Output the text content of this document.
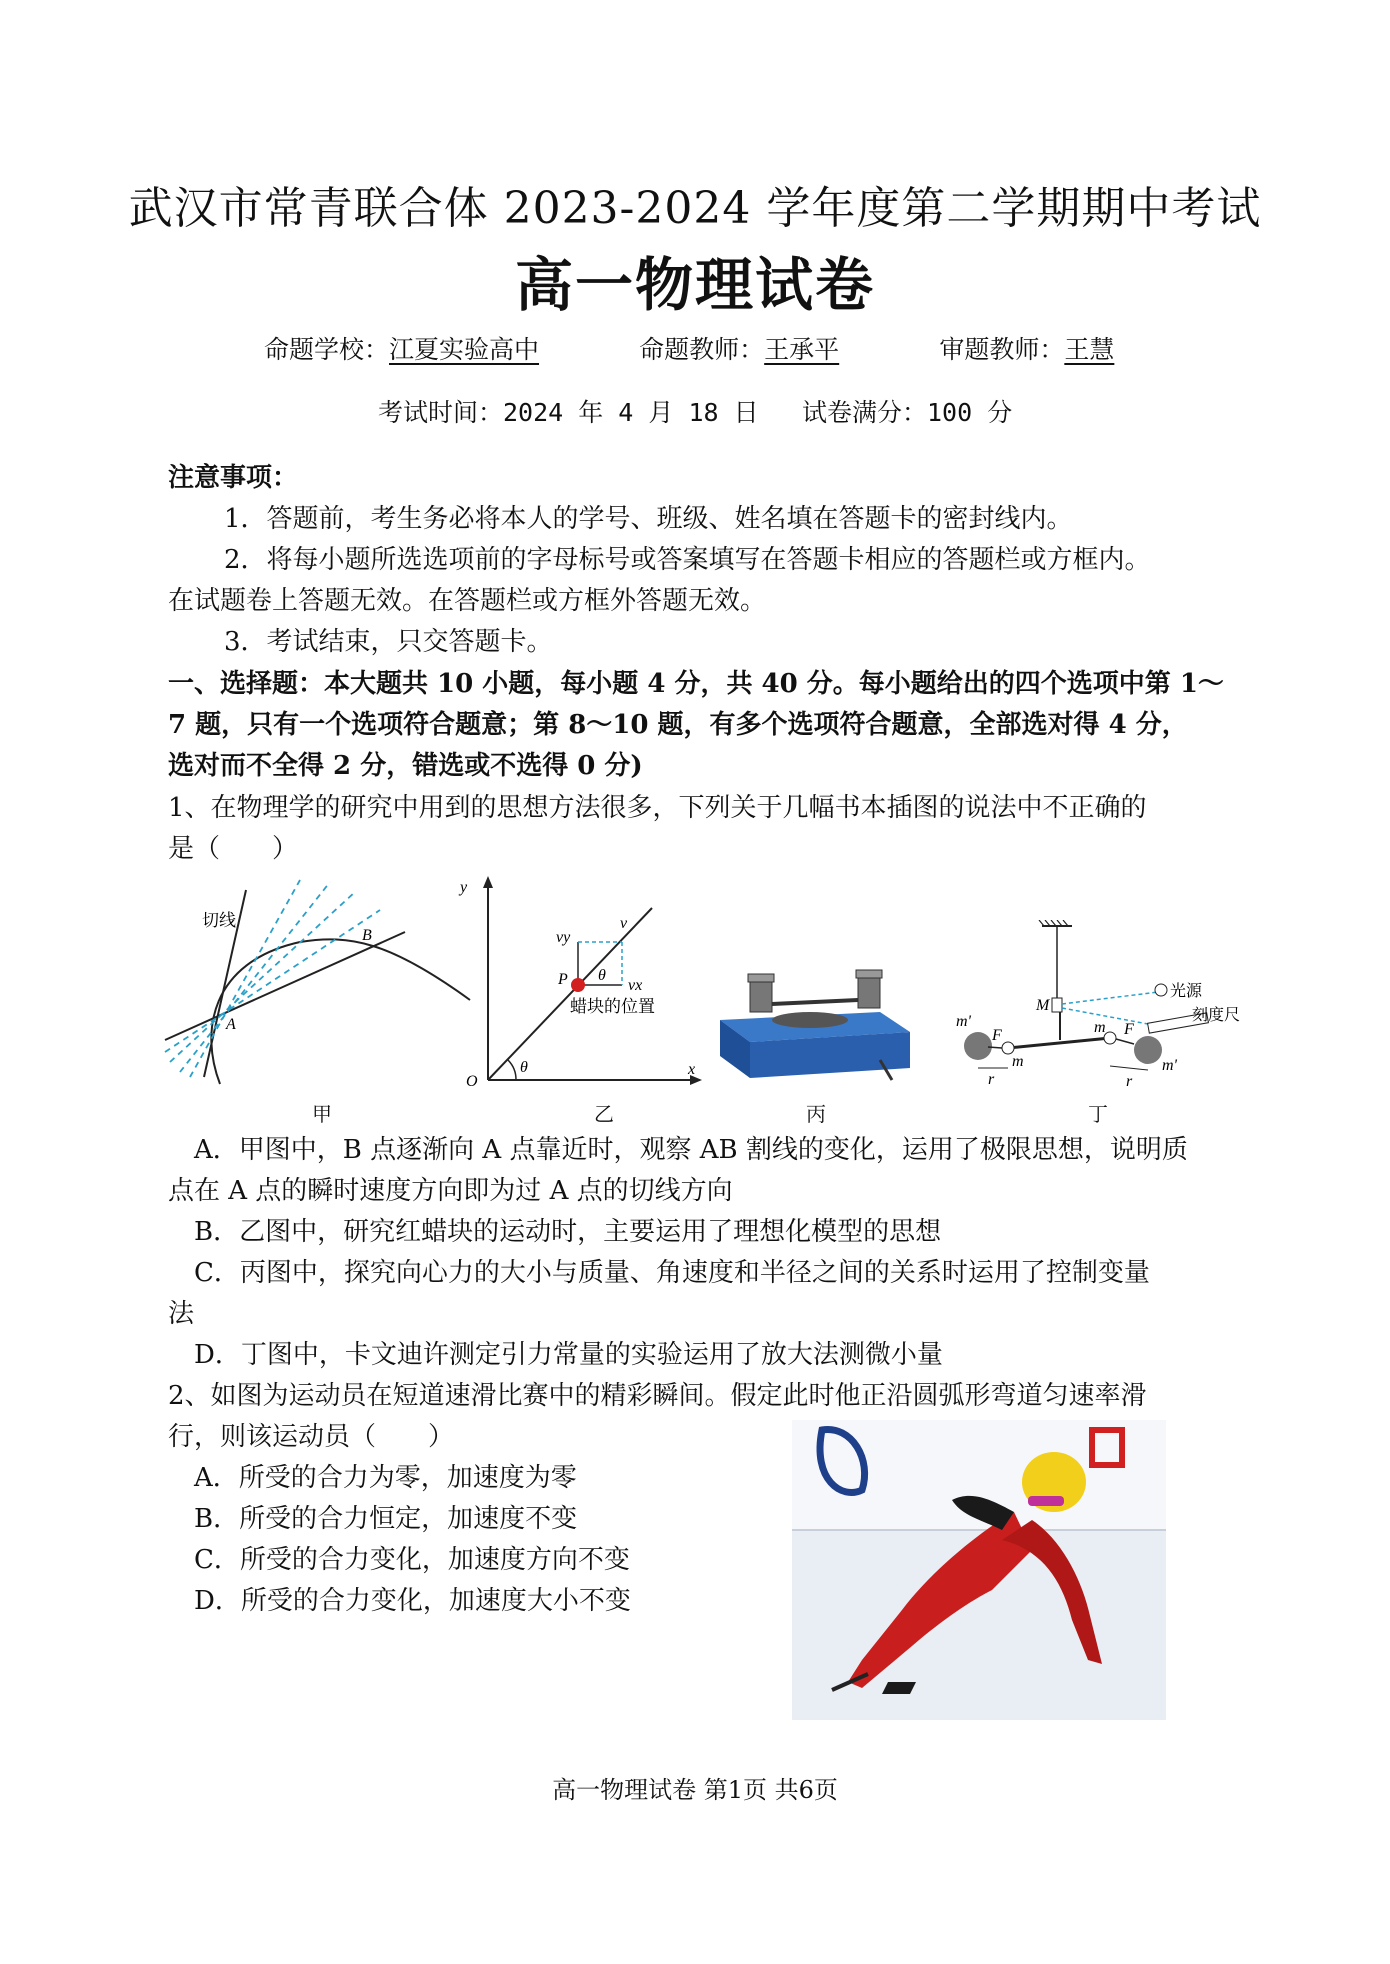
武汉市常青联合体 2023-2024 学年度第二学期期中考试
高一物理试卷
命题学校：江夏实验高中	命题教师：王承平	审题教师：王慧
考试时间：2024 年 4 月 18 日 试卷满分：100 分
注意事项：
1．答题前，考生务必将本人的学号、班级、姓名填在答题卡的密封线内。
2．将每小题所选选项前的字母标号或答案填写在答题卡相应的答题栏或方框内。
在试题卷上答题无效。在答题栏或方框外答题无效。
3．考试结束，只交答题卡。
一、选择题：本大题共 10 小题，每小题 4 分，共 40 分。每小题给出的四个选项中第 1～
7 题，只有一个选项符合题意；第 8～10 题，有多个选项符合题意，全部选对得 4 分，
选对而不全得 2 分，错选或不选得 0 分)
1、在物理学的研究中用到的思想方法很多，下列关于几幅书本插图的说法中不正确的
是（　　）
切线
B
A
甲
y
x
O
P
θ
θ
v
vy
vx
蜡块的位置
乙	丙
光源
刻度尺
M
m'
m'
m
m
F	F
r	r
丁
A．甲图中，B 点逐渐向 A 点靠近时，观察 AB 割线的变化，运用了极限思想，说明质
点在 A 点的瞬时速度方向即为过 A 点的切线方向
B．乙图中，研究红蜡块的运动时，主要运用了理想化模型的思想
C．丙图中，探究向心力的大小与质量、角速度和半径之间的关系时运用了控制变量
法
D．丁图中，卡文迪许测定引力常量的实验运用了放大法测微小量
2、如图为运动员在短道速滑比赛中的精彩瞬间。假定此时他正沿圆弧形弯道匀速率滑
行，则该运动员（　　）
A．所受的合力为零，加速度为零
B．所受的合力恒定，加速度不变
C．所受的合力变化，加速度方向不变
D．所受的合力变化，加速度大小不变
高一物理试卷 第1页 共6页
